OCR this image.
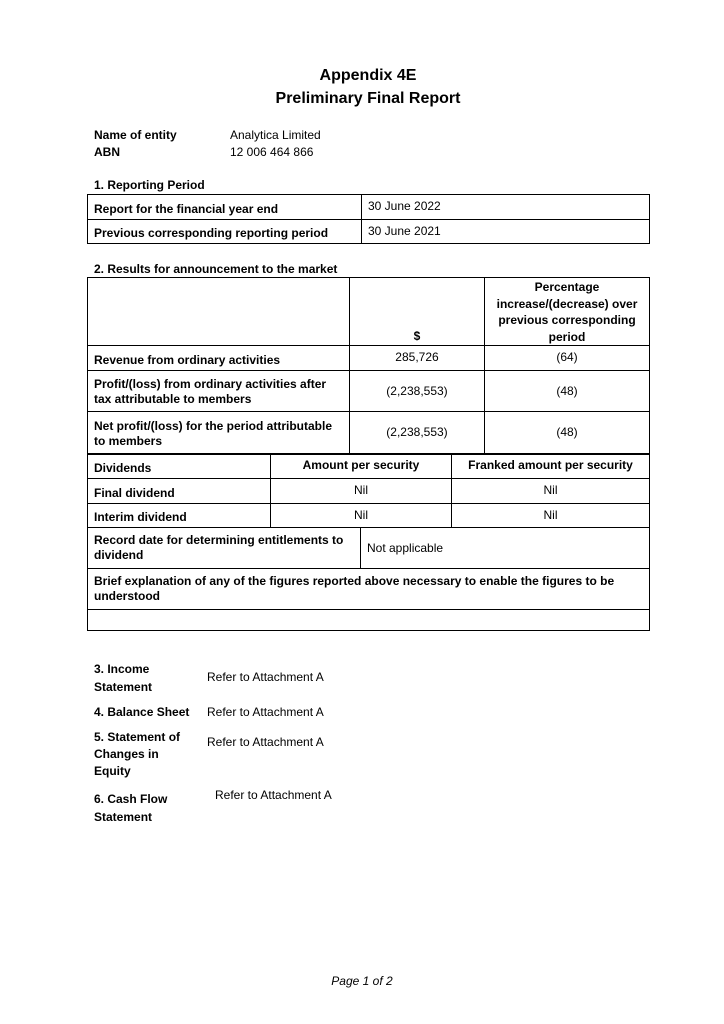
Appendix 4E
Preliminary Final Report
Name of entity	Analytica Limited
ABN	12 006 464 866
1. Reporting Period
Report for the financial year end	30 June 2022
Previous corresponding reporting period	30 June 2021
2. Results for announcement to the market
	$	Percentage increase/(decrease) over previous corresponding period
Revenue from ordinary activities	285,726	(64)
Profit/(loss) from ordinary activities after tax attributable to members	(2,238,553)	(48)
Net profit/(loss) for the period attributable to members	(2,238,553)	(48)
Dividends	Amount per security	Franked amount per security
Final dividend	Nil	Nil
Interim dividend	Nil	Nil
Record date for determining entitlements to dividend	Not applicable
Brief explanation of any of the figures reported above necessary to enable the figures to be understood

3. Income Statement
Refer to Attachment A
4. Balance Sheet Refer to Attachment A
5. Statement of Changes in Equity
Refer to Attachment A
6. Cash Flow Statement
Refer to Attachment A
Page 1 of 2
